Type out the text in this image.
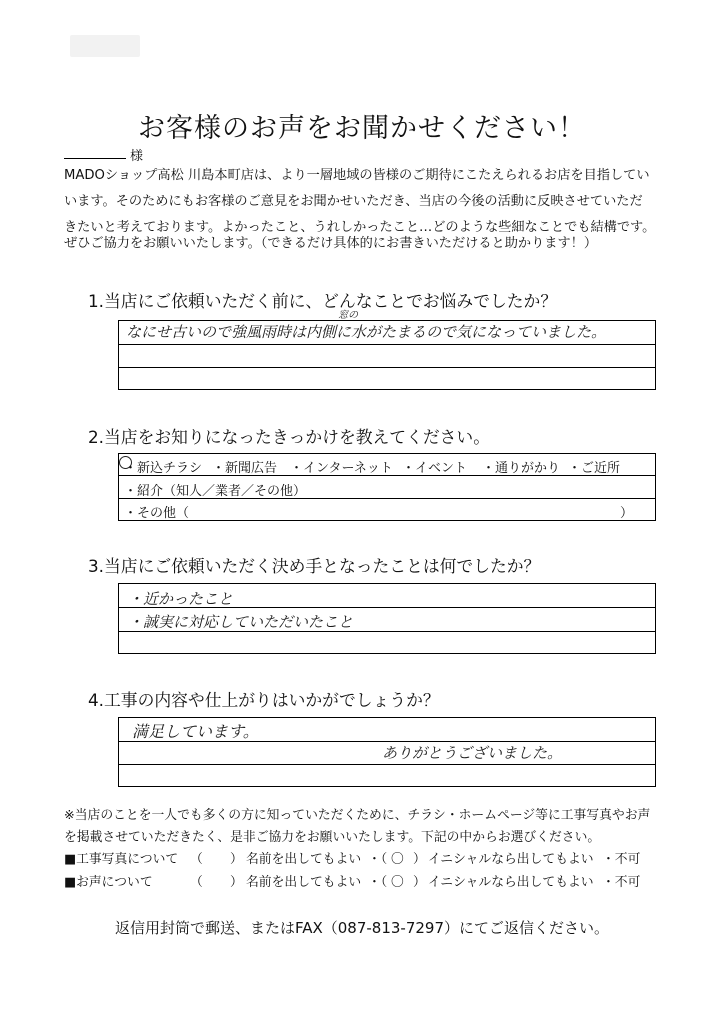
お客様のお声をお聞かせください！
様
MADOショップ高松 川島本町店は、より一層地域の皆様のご期待にこたえられるお店を目指してい
います。そのためにもお客様のご意見をお聞かせいただき、当店の今後の活動に反映させていただ
きたいと考えております。よかったこと、うれしかったこと…どのような些細なことでも結構です。
ぜひご協力をお願いいたします。（できるだけ具体的にお書きいただけると助かります！）
1.当店にご依頼いただく前に、どんなことでお悩みでしたか？
窓の
なにせ古いので強風雨時は内側に水がたまるので気になっていました。
2.当店をお知りになったきっかけを教えてください。
・新込チラシ ・新聞広告 ・インターネット ・イベント ・通りがかり ・ご近所
・紹介（知人／業者／その他）
・その他（	）
3.当店にご依頼いただく決め手となったことは何でしたか？
・近かったこと
・誠実に対応していただいたこと
4.工事の内容や仕上がりはいかがでしょうか？
満足しています。
ありがとうございました。
※当店のことを一人でも多くの方に知っていただくために、チラシ・ホームページ等に工事写真やお声
を掲載させていただきたく、是非ご協力をお願いいたします。下記の中からお選びください。
■工事写真について （ ） 名前を出してもよい ・（ 〇 ） イニシャルなら出してもよい ・不可
■お声について	（ ） 名前を出してもよい ・（ 〇 ） イニシャルなら出してもよい ・不可
返信用封筒で郵送、またはFAX（087-813-7297）にてご返信ください。
